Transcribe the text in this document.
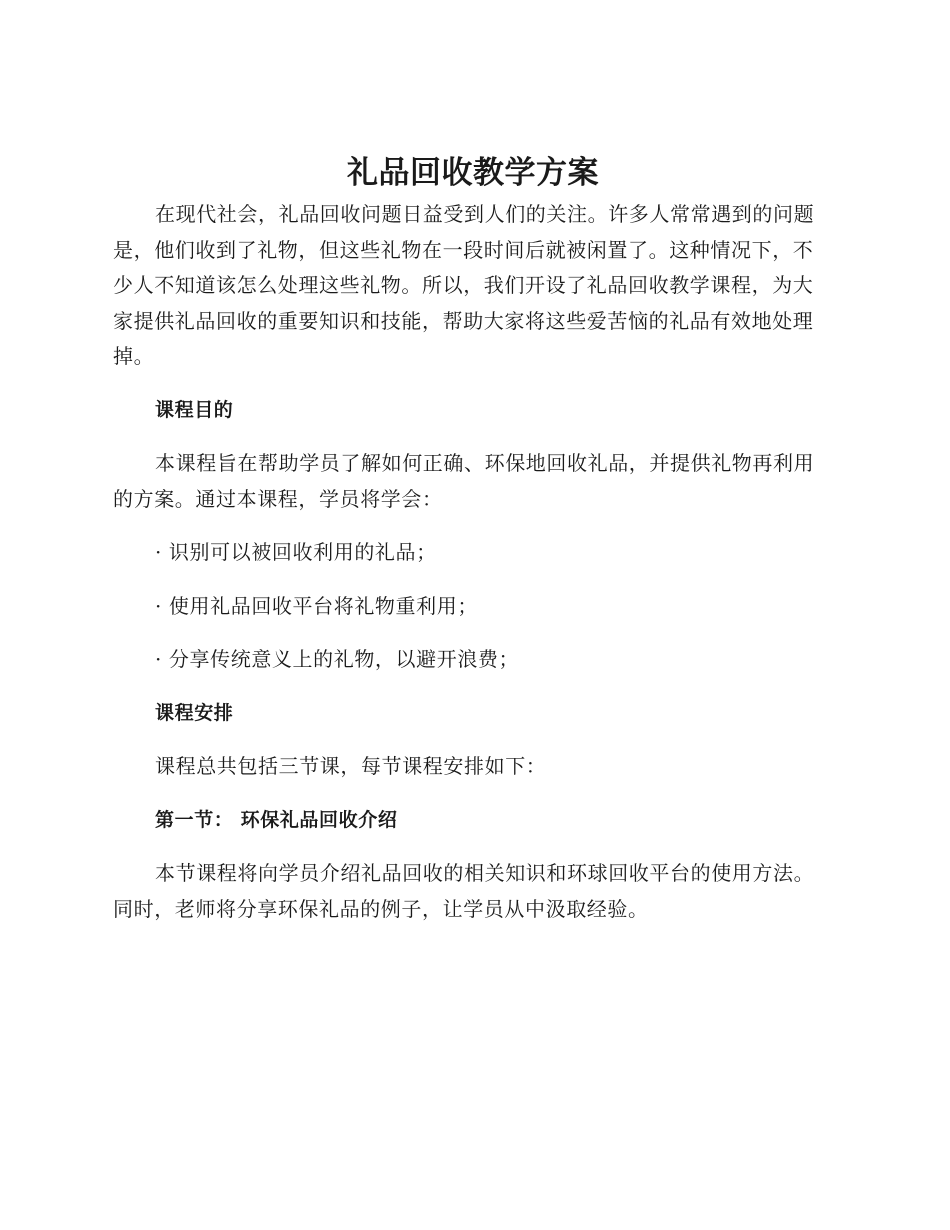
礼品回收教学方案

在现代社会，礼品回收问题日益受到人们的关注。许多人常常遇到的问题是，他们收到了礼物，但这些礼物在一段时间后就被闲置了。这种情况下，不少人不知道该怎么处理这些礼物。所以，我们开设了礼品回收教学课程，为大家提供礼品回收的重要知识和技能，帮助大家将这些爱苦恼的礼品有效地处理掉。

课程目的

本课程旨在帮助学员了解如何正确、环保地回收礼品，并提供礼物再利用的方案。通过本课程，学员将学会：

· 识别可以被回收利用的礼品；

· 使用礼品回收平台将礼物重利用；

· 分享传统意义上的礼物，以避开浪费；

课程安排

课程总共包括三节课，每节课程安排如下：

第一节： 环保礼品回收介绍

本节课程将向学员介绍礼品回收的相关知识和环球回收平台的使用方法。同时，老师将分享环保礼品的例子，让学员从中汲取经验。
